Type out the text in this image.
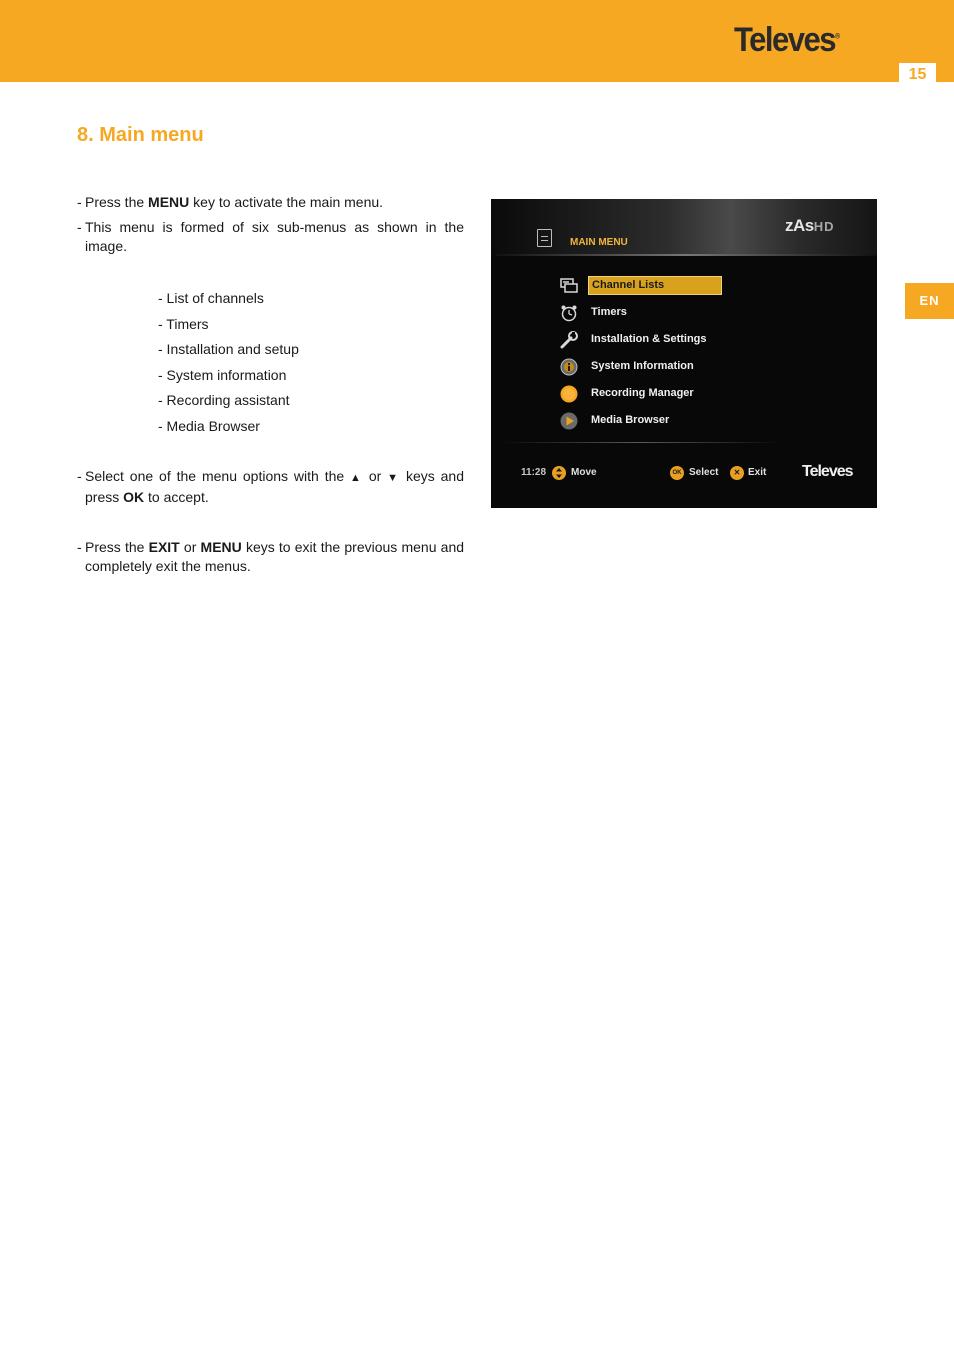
Televes®
15
EN
8. Main menu
- Press the MENU key to activate the main menu.
- This menu is formed of six sub-menus as shown in the image.
- List of channels
- Timers
- Installation and setup
- System information
- Recording assistant
- Media Browser
- Select one of the menu options with the ▲ or ▼ keys and press OK to accept.
- Press the EXIT or MENU keys to exit the previous menu and completely exit the menus.
MAIN MENU
zAsHD
Channel Lists
Timers
Installation & Settings
System Information
Recording Manager
Media Browser
11:28 Move	OK Select	✕ Exit Televes
